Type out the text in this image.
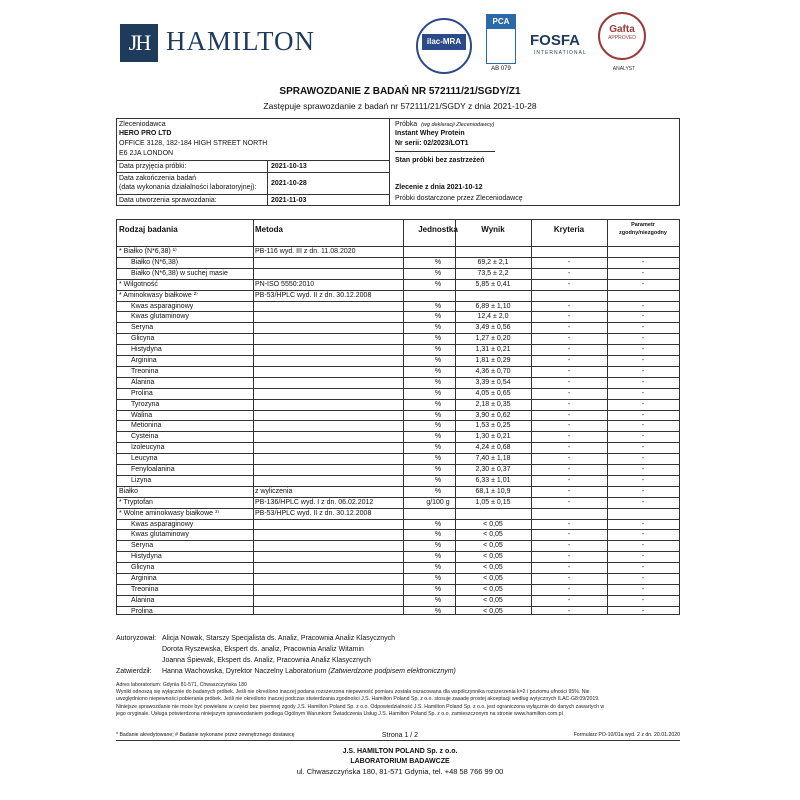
JH HAMILTON	ilac-MRA
PCA
AB 079
FOSFA
INTERNATIONAL
Gafta
APPROVED
ANALYST
SPRAWOZDANIE Z BADAŃ NR 572111/21/SGDY/Z1
Zastępuje sprawozdanie z badań nr 572111/21/SGDY z dnia 2021-10-28
Zleceniodawca
HERO PRO LTD
OFFICE 3128, 182-184 HIGH STREET NORTH
E6 2JA LONDON
Data przyjęcia próbki:	2021-10-13
Data zakończenia badań
(data wykonania działalności laboratoryjnej):
2021-10-28
Data utworzenia sprawozdania:	2021-11-03
Próbka (wg deklaracji Zleceniodawcy)
Instant Whey Protein
Nr serii: 02/2023/LOT1
Stan próbki bez zastrzeżeń
Zlecenie z dnia 2021-10-12
Próbki dostarczone przez Zleceniodawcę
Rodzaj badania	Metoda	Jednostka	Wynik	Kryteria	Parametr
zgodny/niezgodny
* Białko (N*6,38) ¹⁾	PB-116 wyd. III z dn. 11.08.2020
Białko (N*6,38)	%	69,2 ± 2,1	-	-
Białko (N*6,38) w suchej masie	%	73,5 ± 2,2	-	-
* Wilgotność	PN-ISO 5550:2010	%	5,85 ± 0,41	-	-
* Aminokwasy białkowe ²⁾	PB-53/HPLC wyd. II z dn. 30.12.2008
Kwas asparaginowy	%	6,89 ± 1,10	-	-
Kwas glutaminowy	%	12,4 ± 2,0	-	-
Seryna	%	3,49 ± 0,56	-	-
Glicyna	%	1,27 ± 0,20	-	-
Histydyna	%	1,31 ± 0,21	-	-
Arginina	%	1,81 ± 0,29	-	-
Treonina	%	4,36 ± 0,70	-	-
Alanina	%	3,39 ± 0,54	-	-
Prolina	%	4,05 ± 0,65	-	-
Tyrozyna	%	2,18 ± 0,35	-	-
Walina	%	3,90 ± 0,62	-	-
Metionina	%	1,53 ± 0,25	-	-
Cysteina	%	1,30 ± 0,21	-	-
Izoleucyna	%	4,24 ± 0,68	-	-
Leucyna	%	7,40 ± 1,18	-	-
Fenyloalanina	%	2,30 ± 0,37	-	-
Lizyna	%	6,33 ± 1,01	-	-
Białko	z wyliczenia	%	68,1 ± 10,9	-	-
* Tryptofan	PB-136/HPLC wyd. I z dn. 06.02.2012	g/100 g	1,05 ± 0,15	-	-
* Wolne aminokwasy białkowe ³⁾	PB-53/HPLC wyd. II z dn. 30.12.2008
Kwas asparaginowy	%	< 0,05	-	-
Kwas glutaminowy	%	< 0,05	-	-
Seryna	%	< 0,05	-	-
Histydyna	%	< 0,05	-	-
Glicyna	%	< 0,05	-	-
Arginina	%	< 0,05	-	-
Treonina	%	< 0,05	-	-
Alanina	%	< 0,05	-	-
Prolina	%	< 0,05	-	-
Autoryzował: Alicja Nowak, Starszy Specjalista ds. Analiz, Pracownia Analiz Klasycznych
Dorota Ryszewska, Ekspert ds. analiz, Pracownia Analiz Witamin
Joanna Śpiewak, Ekspert ds. Analiz, Pracownia Analiz Klasycznych
Zatwierdził: Hanna Wachowska, Dyrektor Naczelny Laboratorium (Zatwierdzone podpisem elektronicznym)
Adres laboratorium: Gdynia 81-571, Chwaszczyńska 180
Wyniki odnoszą się wyłącznie do badanych próbek. Jeśli nie określono inaczej podana rozszerzona niepewność pomiaru została oszacowana dla współczynnika rozszerzenia k=2 i poziomu ufności 95%. Nie
uwzględniono niepewności pobierania próbek. Jeśli nie określono inaczej podczas stwierdzania zgodności J.S. Hamilton Poland Sp. z o.o. stosuje zasadę prostej akceptacji według wytycznych ILAC-G8:09/2019.
Niniejsze sprawozdanie nie może być powielane w części bez pisemnej zgody J.S. Hamilton Poland Sp. z o.o. Odpowiedzialność J.S. Hamilton Poland Sp. z o.o. jest ograniczona wyłącznie do danych zawartych w
jego oryginale. Usługa potwierdzona niniejszym sprawozdaniem podlega Ogólnym Warunkom Świadczenia Usług J.S. Hamilton Poland Sp. z o.o. zamieszczonym na stronie www.hamilton.com.pl
* Badanie akredytowane; # Badanie wykonane przez zewnętrznego dostawcę	Strona 1 / 2	Formularz PO-10/01a wyd. 2 z dn. 20.01.2020
J.S. HAMILTON POLAND Sp. z o.o.
LABORATORIUM BADAWCZE
ul. Chwaszczyńska 180, 81-571 Gdynia, tel. +48 58 766 99 00
